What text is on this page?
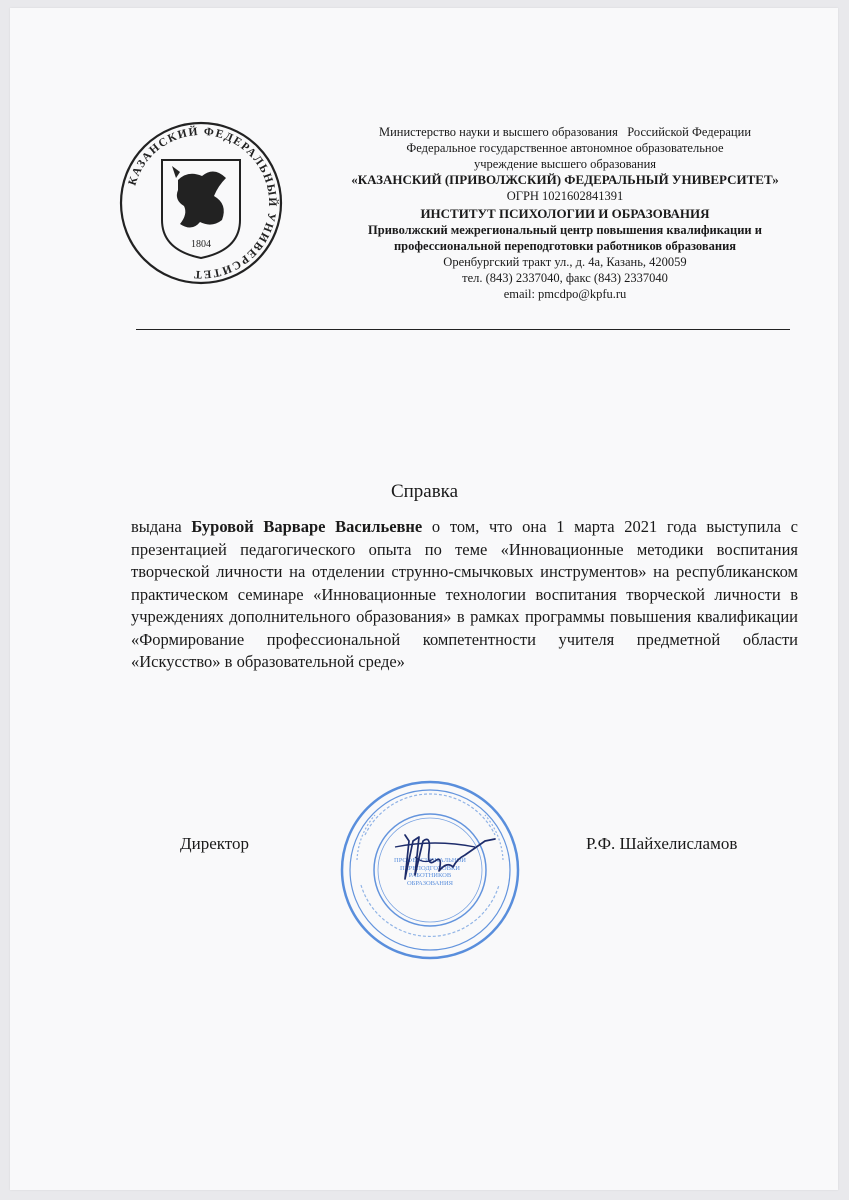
КАЗАНСКИЙ ФЕДЕРАЛЬНЫЙ УНИВЕРСИТЕТ
1804
Министерство науки и высшего образования   Российской Федерации
Федеральное государственное автономное образовательное
учреждение высшего образования
«КАЗАНСКИЙ (ПРИВОЛЖСКИЙ) ФЕДЕРАЛЬНЫЙ УНИВЕРСИТЕТ»
ОГРН 1021602841391
ИНСТИТУТ ПСИХОЛОГИИ И ОБРАЗОВАНИЯ
Приволжский межрегиональный центр повышения квалификации и
профессиональной переподготовки работников образования
Оренбургский тракт ул., д. 4а, Казань, 420059
тел. (843) 2337040, факс (843) 2337040
email: pmcdpo@kpfu.ru
Справка
выдана Буровой Варваре Васильевне о том, что она 1 марта 2021 года выступила с презентацией педагогического опыта по теме «Инновационные методики воспитания творческой личности на отделении струнно-смычковых инструментов» на республиканском практическом семинаре «Инновационные технологии воспитания творческой личности в учреждениях дополнительного образования» в рамках программы повышения квалификации «Формирование профессиональной компетентности учителя предметной области «Искусство» в образовательной среде»
Директор	Р.Ф. Шайхелисламов
ПРОФЕССИОНАЛЬНОЙ ПЕРЕПОДГОТОВКИ РАБОТНИКОВ ОБРАЗОВАНИЯ
